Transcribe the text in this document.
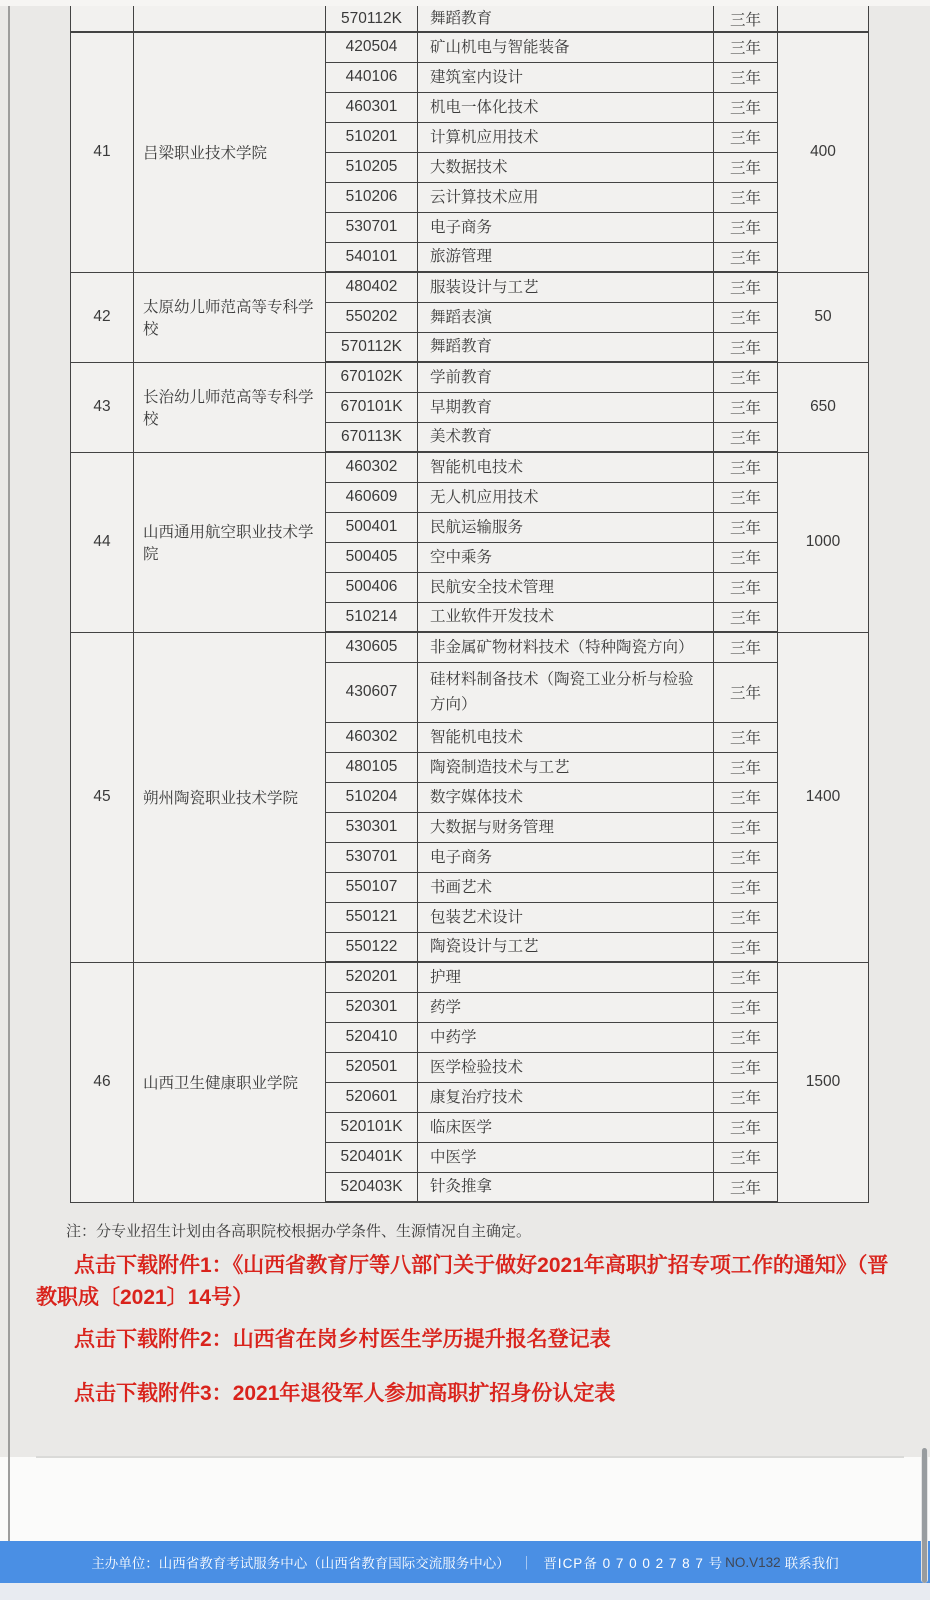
		570112K	舞蹈教育	三年	
41	吕梁职业技术学院	420504	矿山机电与智能装备	三年	400
		440106	建筑室内设计	三年	
		460301	机电一体化技术	三年	
		510201	计算机应用技术	三年	
		510205	大数据技术	三年	
		510206	云计算技术应用	三年	
		530701	电子商务	三年	
		540101	旅游管理	三年	
42	太原幼儿师范高等专科学校	480402	服装设计与工艺	三年	50
		550202	舞蹈表演	三年	
		570112K	舞蹈教育	三年	
43	长治幼儿师范高等专科学校	670102K	学前教育	三年	650
		670101K	早期教育	三年	
		670113K	美术教育	三年	
44	山西通用航空职业技术学院	460302	智能机电技术	三年	1000
		460609	无人机应用技术	三年	
		500401	民航运输服务	三年	
		500405	空中乘务	三年	
		500406	民航安全技术管理	三年	
		510214	工业软件开发技术	三年	
45	朔州陶瓷职业技术学院	430605	非金属矿物材料技术（特种陶瓷方向）	三年	1400
		430607	硅材料制备技术（陶瓷工业分析与检验方向）	三年	
		460302	智能机电技术	三年	
		480105	陶瓷制造技术与工艺	三年	
		510204	数字媒体技术	三年	
		530301	大数据与财务管理	三年	
		530701	电子商务	三年	
		550107	书画艺术	三年	
		550121	包装艺术设计	三年	
		550122	陶瓷设计与工艺	三年	
46	山西卫生健康职业学院	520201	护理	三年	1500
		520301	药学	三年	
		520410	中药学	三年	
		520501	医学检验技术	三年	
		520601	康复治疗技术	三年	
		520101K	临床医学	三年	
		520401K	中医学	三年	
		520403K	针灸推拿	三年	
注：分专业招生计划由各高职院校根据办学条件、生源情况自主确定。

点击下载附件1：《山西省教育厅等八部门关于做好2021年高职扩招专项工作的通知》（晋教职成〔2021〕14号）

点击下载附件2：山西省在岗乡村医生学历提升报名登记表

点击下载附件3：2021年退役军人参加高职扩招身份认定表

主办单位：山西省教育考试服务中心（山西省教育国际交流服务中心） ｜ 晋ICP备 0 7 0 0 2 7 8 7 号 NO.V132 联系我们
